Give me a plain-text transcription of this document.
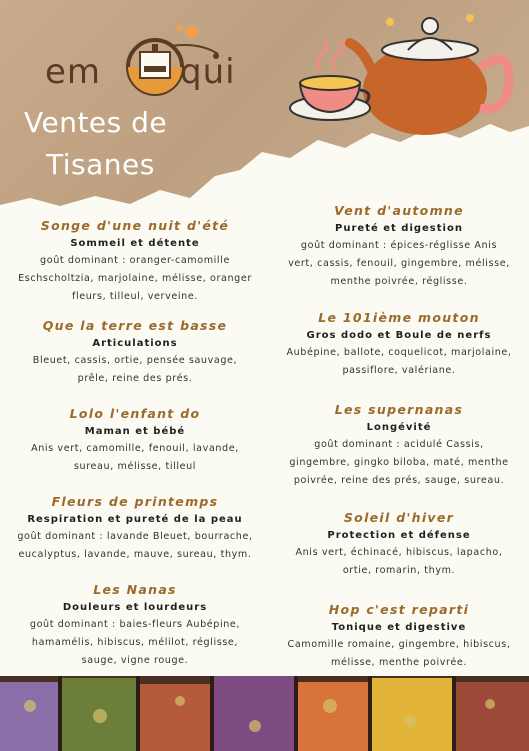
em qui
Ventes de
Tisanes
Songe d'une nuit d'été
Sommeil et détente

goût dominant : oranger-camomille
Eschscholtzia, marjolaine, mélisse, oranger
fleurs, tilleul, verveine.

Que la terre est basse
Articulations

Bleuet, cassis, ortie, pensée sauvage,
prêle, reine des prés.

Lolo l'enfant do
Maman et bébé

Anis vert, camomille, fenouil, lavande,
sureau, mélisse, tilleul

Fleurs de printemps
Respiration et pureté de la peau

goût dominant : lavande Bleuet, bourrache,
eucalyptus, lavande, mauve, sureau, thym.

Les Nanas
Douleurs et lourdeurs

goût dominant : baies-fleurs Aubépine,
hamamélis, hibiscus, mélilot, réglisse,
sauge, vigne rouge.

Vent d'automne
Pureté et digestion

goût dominant : épices-réglisse Anis
vert, cassis, fenouil, gingembre, mélisse,
menthe poivrée, réglisse.

Le 101ième mouton
Gros dodo et Boule de nerfs

Aubépine, ballote, coquelicot, marjolaine,
passiflore, valériane.

Les supernanas
Longévité

goût dominant : acidulé Cassis,
gingembre, gingko biloba, maté, menthe
poivrée, reine des prés, sauge, sureau.

Soleil d'hiver
Protection et défense

Anis vert, échinacé, hibiscus, lapacho,
ortie, romarin, thym.

Hop c'est reparti
Tonique et digestive

Camomille romaine, gingembre, hibiscus,
mélisse, menthe poivrée.
